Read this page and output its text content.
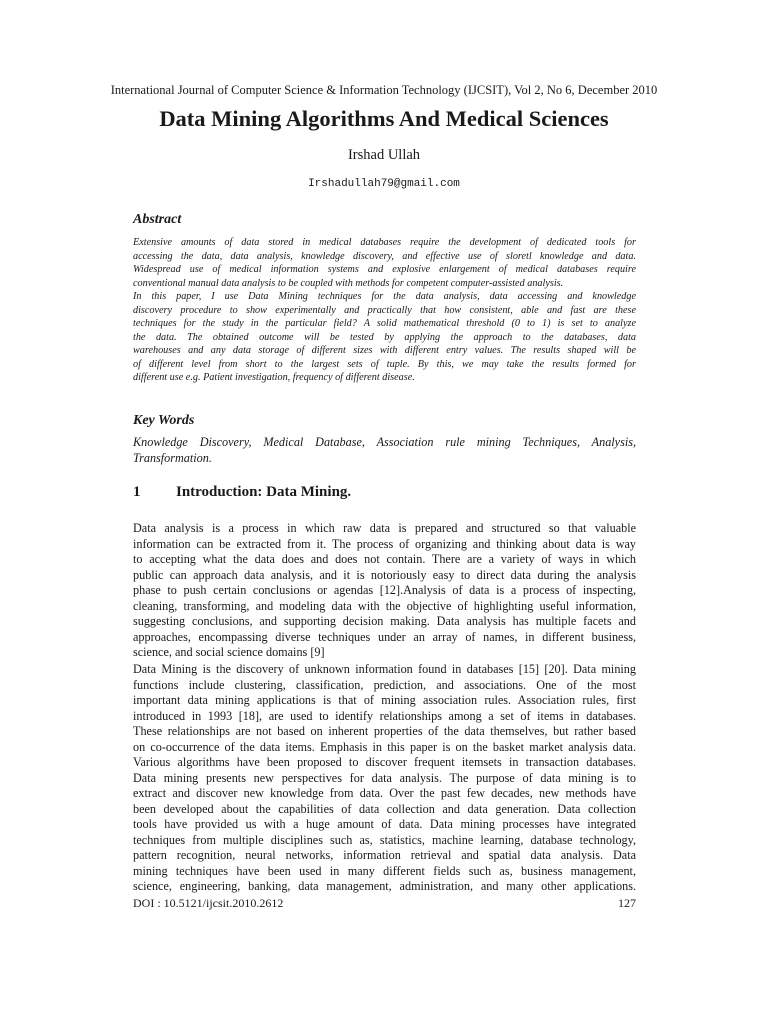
International Journal of Computer Science & Information Technology (IJCSIT), Vol 2, No 6, December 2010
Data Mining Algorithms And Medical Sciences
Irshad Ullah
Irshadullah79@gmail.com
Abstract
Extensive amounts of data stored in medical databases require the development of dedicated tools for
accessing the data, data analysis, knowledge discovery, and effective use of sloretl knowledge and data.
Widespread use of medical information systems and explosive enlargement of medical databases require
conventional manual data analysis to be coupled with methods for competent computer-assisted analysis.
In this paper, I use Data Mining techniques for the data analysis, data accessing and knowledge
discovery procedure to show experimentally and practically that how consistent, able and fast are these
techniques for the study in the particular field? A solid mathematical threshold (0 to 1) is set to analyze
the data. The obtained outcome will be tested by applying the approach to the databases, data
warehouses and any data storage of different sizes with different entry values. The results shaped will be
of different level from short to the largest sets of tuple. By this, we may take the results formed for
different use e.g. Patient investigation, frequency of different disease.
Key Words
Knowledge Discovery, Medical Database, Association rule mining Techniques, Analysis,
Transformation.
1 Introduction: Data Mining.
Data analysis is a process in which raw data is prepared and structured so that valuable
information can be extracted from it. The process of organizing and thinking about data is way
to accepting what the data does and does not contain. There are a variety of ways in which
public can approach data analysis, and it is notoriously easy to direct data during the analysis
phase to push certain conclusions or agendas [12].Analysis of data is a process of inspecting,
cleaning, transforming, and modeling data with the objective of highlighting useful information,
suggesting conclusions, and supporting decision making. Data analysis has multiple facets and
approaches, encompassing diverse techniques under an array of names, in different business,
science, and social science domains [9]
Data Mining is the discovery of unknown information found in databases [15] [20]. Data mining
functions include clustering, classification, prediction, and associations. One of the most
important data mining applications is that of mining association rules. Association rules, first
introduced in 1993 [18], are used to identify relationships among a set of items in databases.
These relationships are not based on inherent properties of the data themselves, but rather based
on co-occurrence of the data items. Emphasis in this paper is on the basket market analysis data.
Various algorithms have been proposed to discover frequent itemsets in transaction databases.
Data mining presents new perspectives for data analysis. The purpose of data mining is to
extract and discover new knowledge from data. Over the past few decades, new methods have
been developed about the capabilities of data collection and data generation. Data collection
tools have provided us with a huge amount of data. Data mining processes have integrated
techniques from multiple disciplines such as, statistics, machine learning, database technology,
pattern recognition, neural networks, information retrieval and spatial data analysis. Data
mining techniques have been used in many different fields such as, business management,
science, engineering, banking, data management, administration, and many other applications.
DOI : 10.5121/ijcsit.2010.2612	127
